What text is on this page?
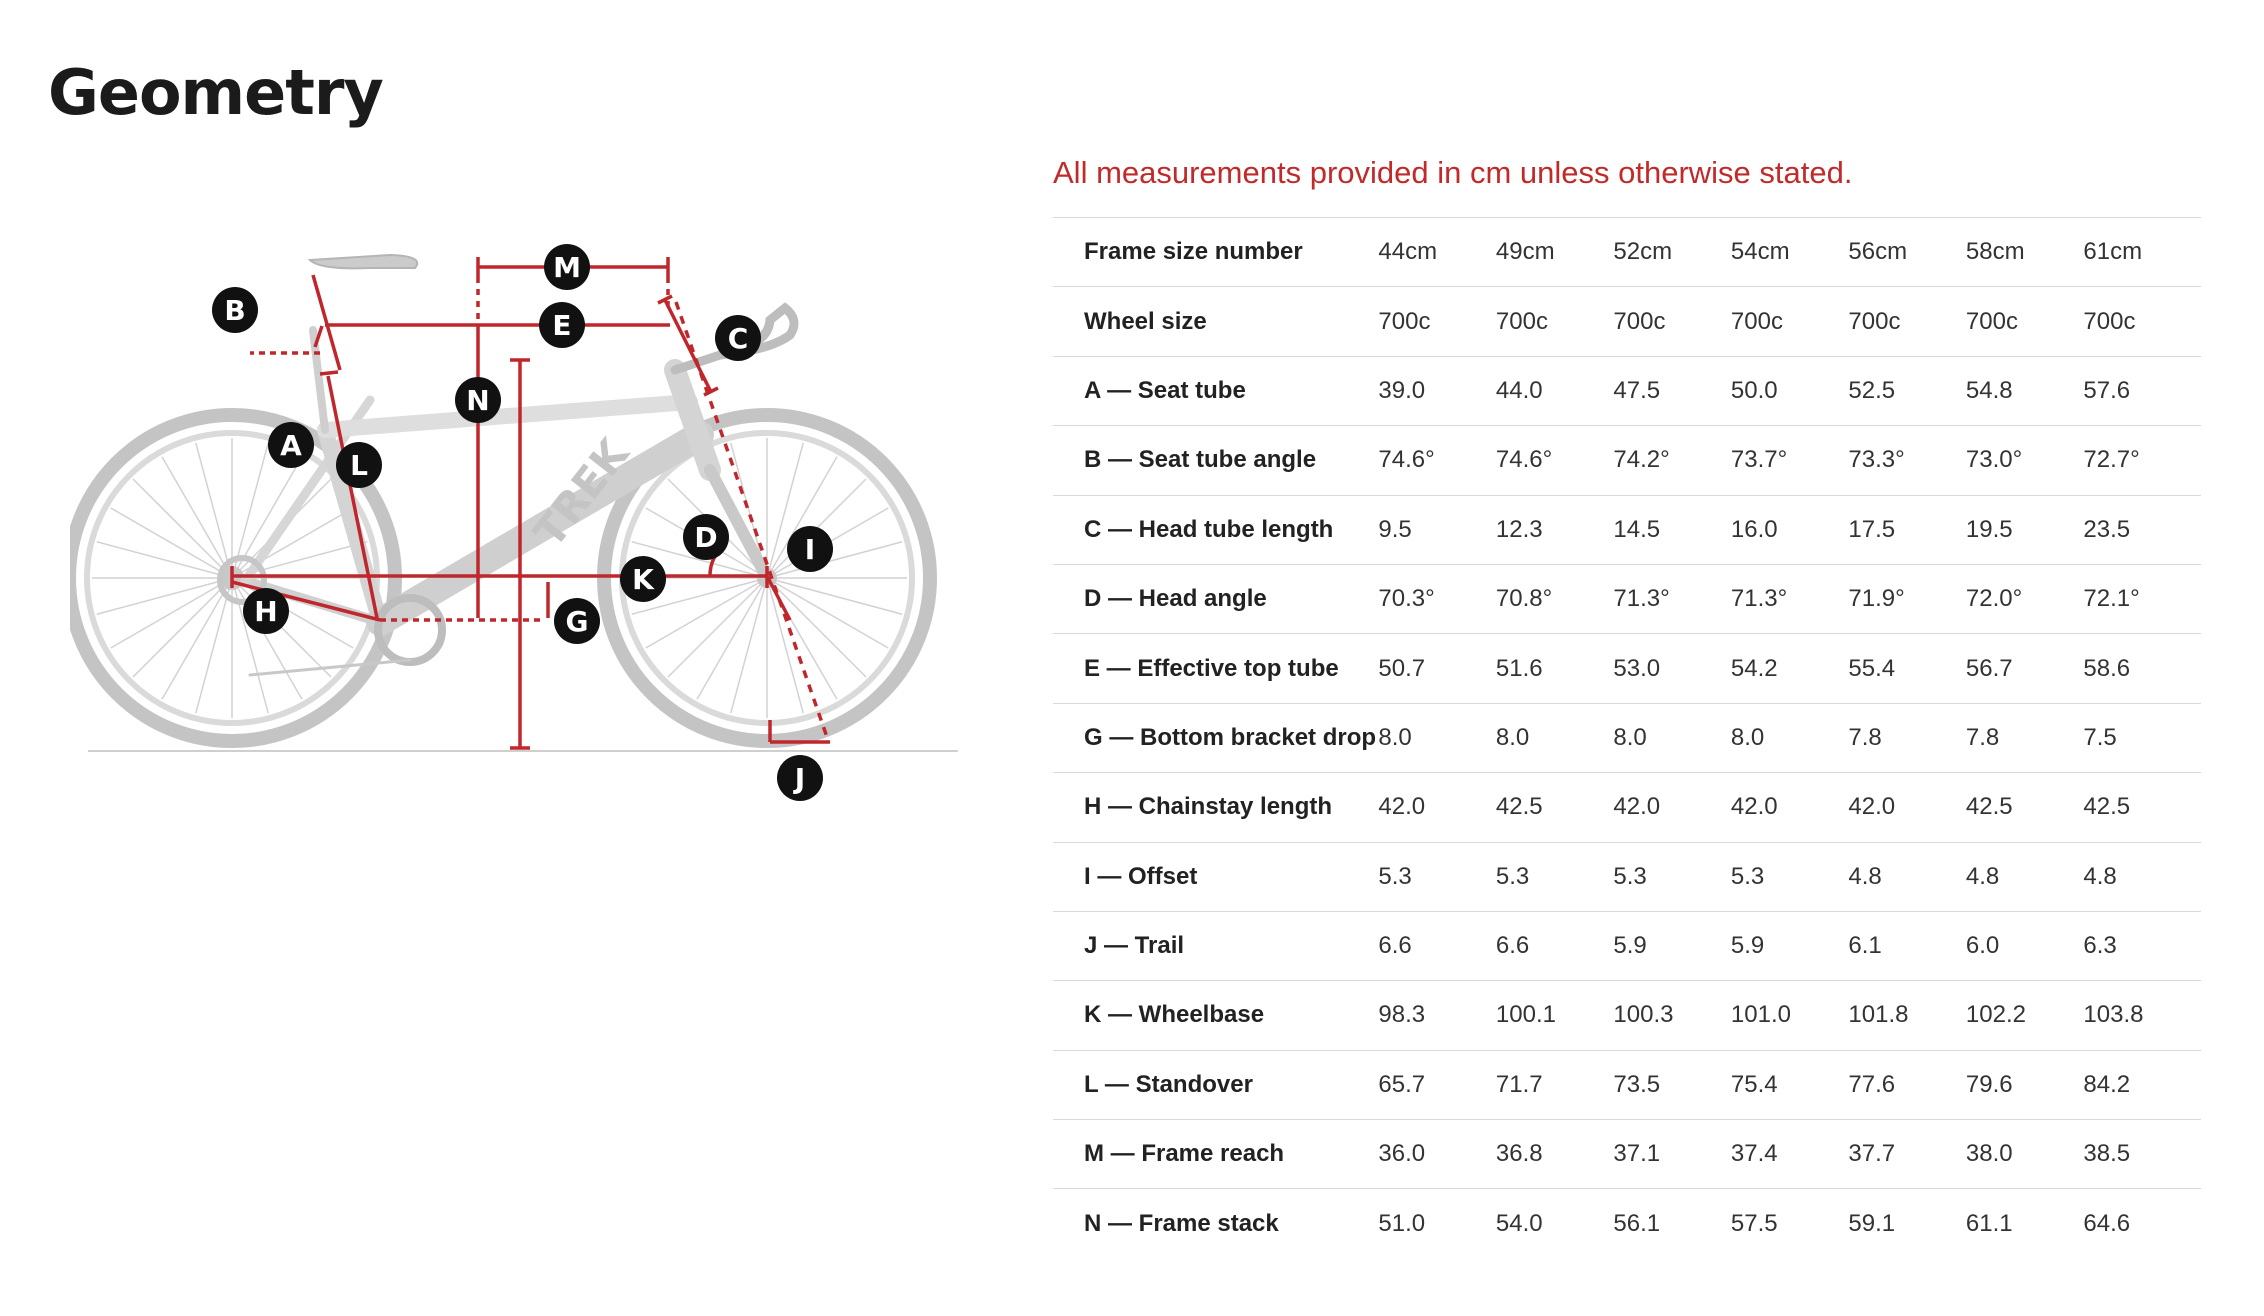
Geometry
TREK
M
E
B
C
N
A
L
D	I
K
H	G
J
All measurements provided in cm unless otherwise stated.
Frame size number	44cm	49cm	52cm	54cm	56cm	58cm	61cm
Wheel size	700c	700c	700c	700c	700c	700c	700c
A — Seat tube	39.0	44.0	47.5	50.0	52.5	54.8	57.6
B — Seat tube angle	74.6°	74.6°	74.2°	73.7°	73.3°	73.0°	72.7°
C — Head tube length	9.5	12.3	14.5	16.0	17.5	19.5	23.5
D — Head angle	70.3°	70.8°	71.3°	71.3°	71.9°	72.0°	72.1°
E — Effective top tube	50.7	51.6	53.0	54.2	55.4	56.7	58.6
G — Bottom bracket drop	8.0	8.0	8.0	8.0	7.8	7.8	7.5
H — Chainstay length	42.0	42.5	42.0	42.0	42.0	42.5	42.5
I — Offset	5.3	5.3	5.3	5.3	4.8	4.8	4.8
J — Trail	6.6	6.6	5.9	5.9	6.1	6.0	6.3
K — Wheelbase	98.3	100.1	100.3	101.0	101.8	102.2	103.8
L — Standover	65.7	71.7	73.5	75.4	77.6	79.6	84.2
M — Frame reach	36.0	36.8	37.1	37.4	37.7	38.0	38.5
N — Frame stack	51.0	54.0	56.1	57.5	59.1	61.1	64.6
